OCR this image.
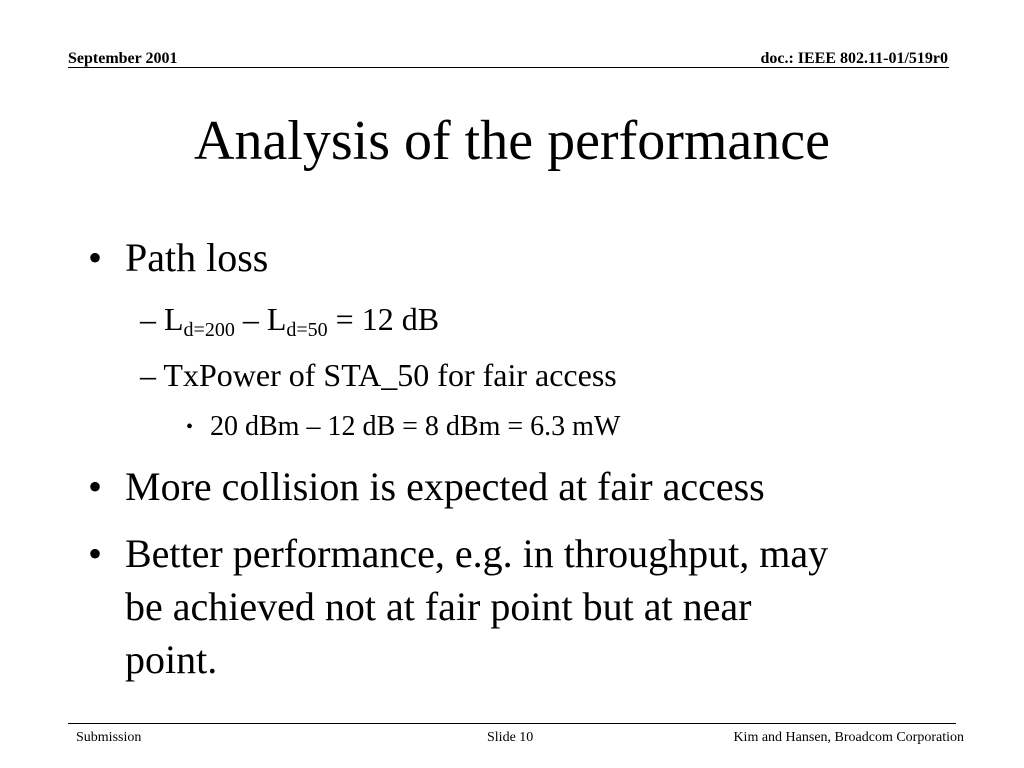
September 2001	doc.: IEEE 802.11-01/519r0
Analysis of the performance
• Path loss
– $L_{d=200} - L_{d=50} = 12$ dB
– TxPower of STA_50 for fair access
• 20 dBm – 12 dB = 8 dBm = 6.3 mW
• More collision is expected at fair access
• Better performance, e.g. in throughput, may
be achieved not at fair point but at near
point.
Submission	Slide 10	Kim and Hansen, Broadcom Corporation
